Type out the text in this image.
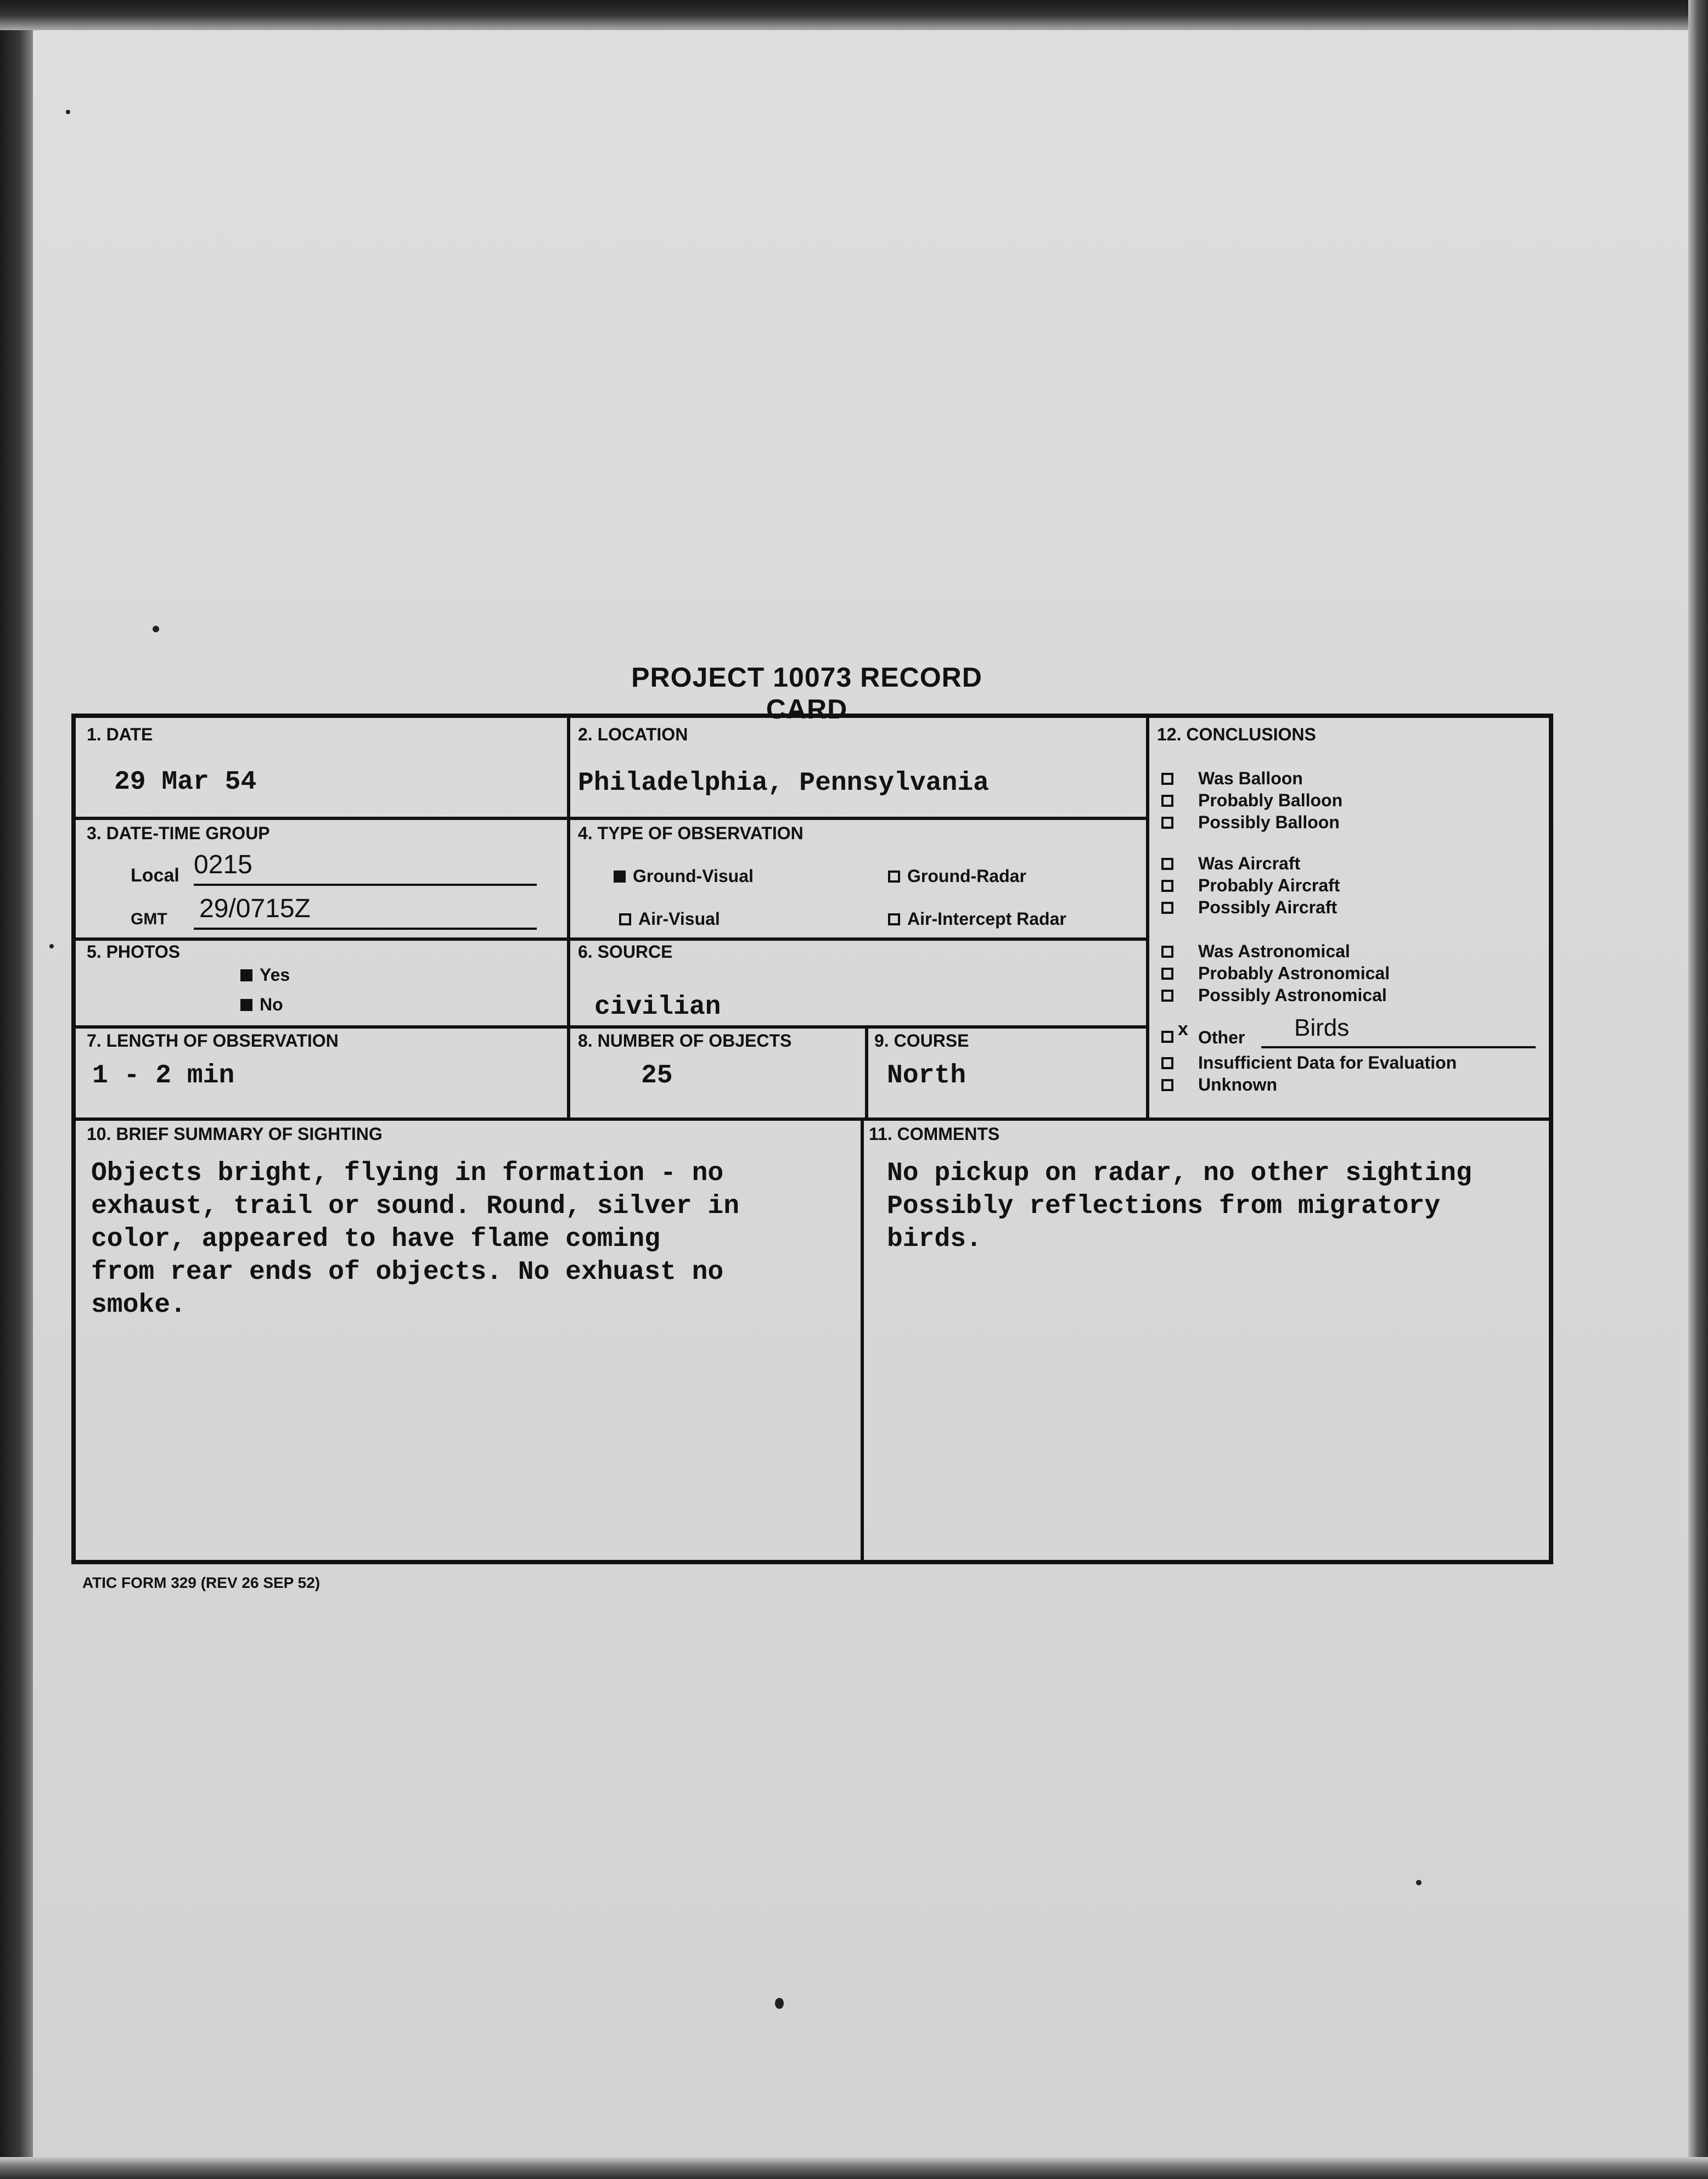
PROJECT 10073 RECORD CARD
1. DATE
29 Mar 54
2. LOCATION
Philadelphia, Pennsylvania
3. DATE-TIME GROUP
Local 0215
GMT 29/0715Z
4. TYPE OF OBSERVATION
Ground-Visual	Ground-Radar
Air-Visual	Air-Intercept Radar
5. PHOTOS
Yes
No
6. SOURCE
civilian
7. LENGTH OF OBSERVATION
1 - 2 min
8. NUMBER OF OBJECTS
25
9. COURSE
North
12. CONCLUSIONS
Was Balloon
Probably Balloon
Possibly Balloon
Was Aircraft
Probably Aircraft
Possibly Aircraft
Was Astronomical
Probably Astronomical
Possibly Astronomical
x Other Birds
Insufficient Data for Evaluation
Unknown
10. BRIEF SUMMARY OF SIGHTING
Objects bright, flying in formation - no
exhaust, trail or sound. Round, silver in
color, appeared to have flame coming
from rear ends of objects. No exhuast no
smoke.
11. COMMENTS
No pickup on radar, no other sighting
Possibly reflections from migratory
birds.
ATIC FORM 329 (REV 26 SEP 52)
